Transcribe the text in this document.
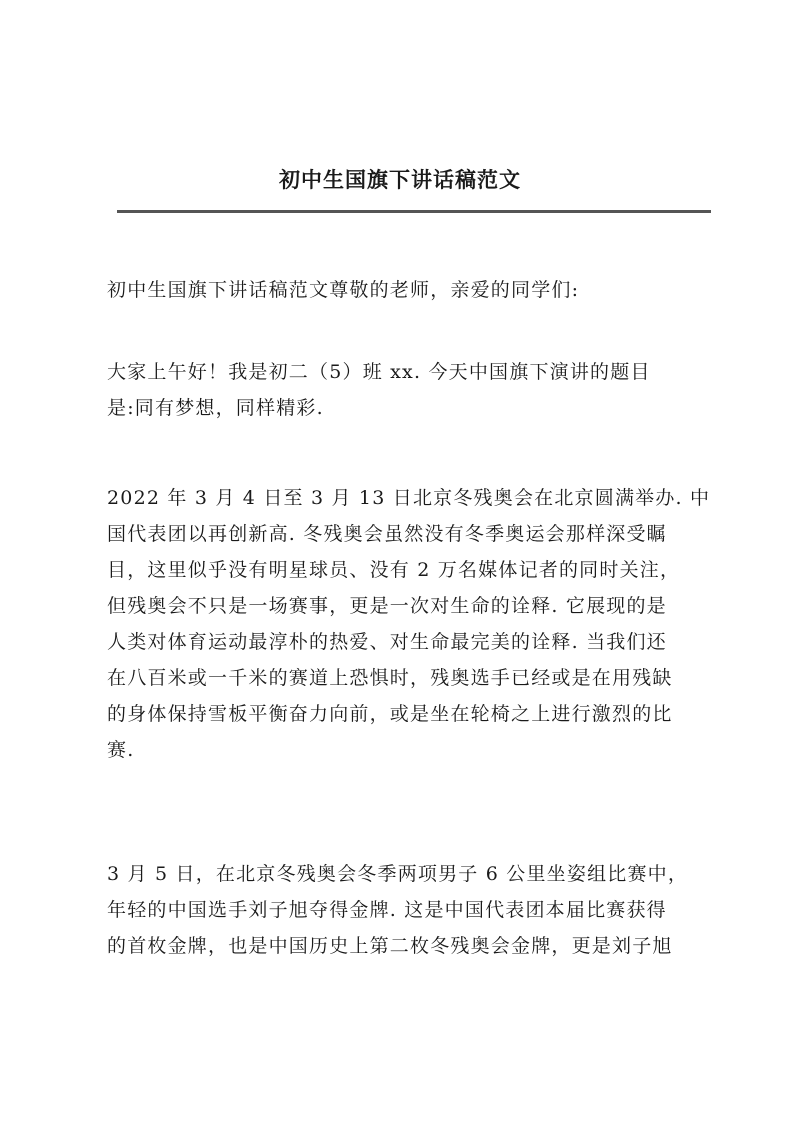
初中生国旗下讲话稿范文
初中生国旗下讲话稿范文尊敬的老师，亲爱的同学们:
大家上午好！我是初二（5）班 xx. 今天中国旗下演讲的题目
是:同有梦想，同样精彩.
2022 年 3 月 4 日至 3 月 13 日北京冬残奥会在北京圆满举办. 中
国代表团以再创新高. 冬残奥会虽然没有冬季奥运会那样深受瞩
目，这里似乎没有明星球员、没有 2 万名媒体记者的同时关注，
但残奥会不只是一场赛事，更是一次对生命的诠释. 它展现的是
人类对体育运动最淳朴的热爱、对生命最完美的诠释. 当我们还
在八百米或一千米的赛道上恐惧时，残奥选手已经或是在用残缺
的身体保持雪板平衡奋力向前，或是坐在轮椅之上进行激烈的比
赛.
3 月 5 日，在北京冬残奥会冬季两项男子 6 公里坐姿组比赛中，
年轻的中国选手刘子旭夺得金牌. 这是中国代表团本届比赛获得
的首枚金牌，也是中国历史上第二枚冬残奥会金牌，更是刘子旭
